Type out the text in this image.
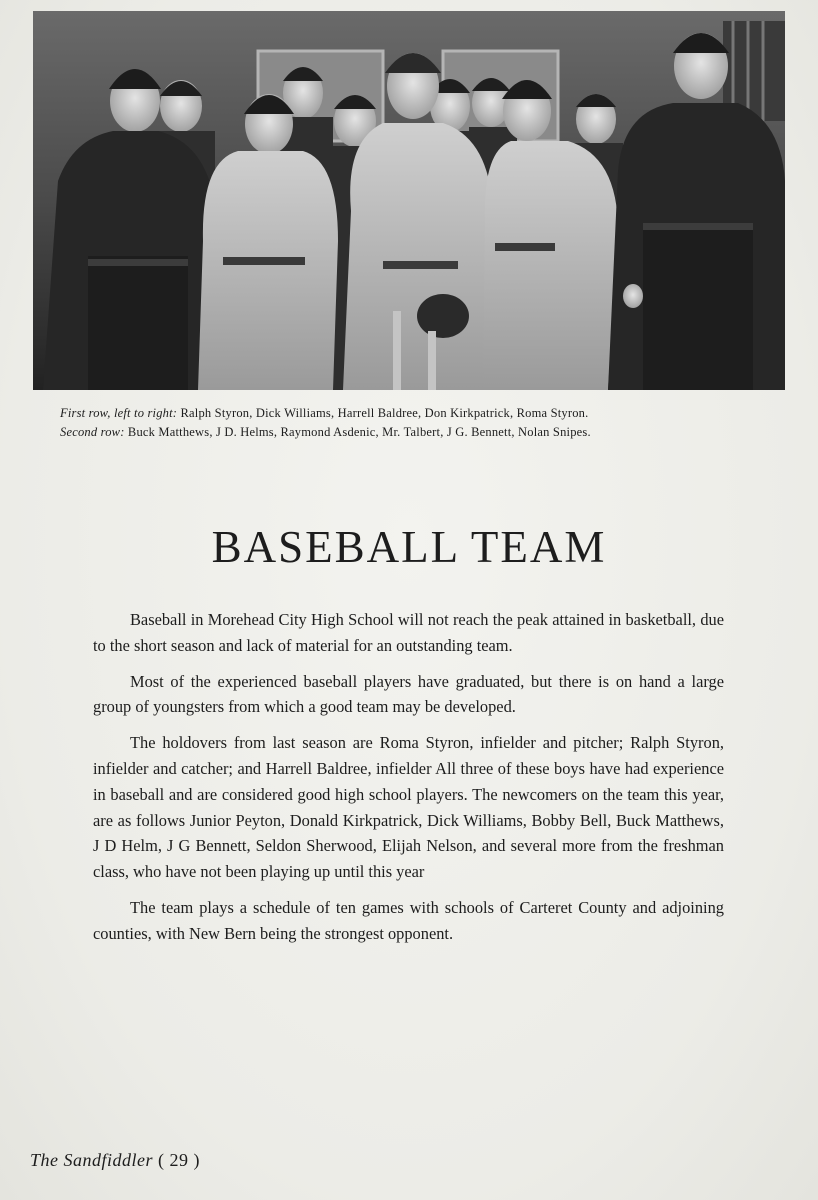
First row, left to right: Ralph Styron, Dick Williams, Harrell Baldree, Don Kirkpatrick, Roma Styron.
Second row: Buck Matthews, J D. Helms, Raymond Asdenic, Mr. Talbert, J G. Bennett, Nolan Snipes.
BASEBALL TEAM

Baseball in Morehead City High School will not reach the peak attained in basketball, due to the short season and lack of material for an outstanding team.

Most of the experienced baseball players have graduated, but there is on hand a large group of youngsters from which a good team may be developed.

The holdovers from last season are Roma Styron, infielder and pitcher; Ralph Styron, infielder and catcher; and Harrell Baldree, infielder All three of these boys have had experience in baseball and are considered good high school players. The newcomers on the team this year, are as follows Junior Peyton, Donald Kirkpatrick, Dick Williams, Bobby Bell, Buck Matthews, J D Helm, J G Bennett, Seldon Sherwood, Elijah Nelson, and several more from the freshman class, who have not been playing up until this year

The team plays a schedule of ten games with schools of Carteret County and adjoining counties, with New Bern being the strongest opponent.

The Sandfiddler ( 29 )
